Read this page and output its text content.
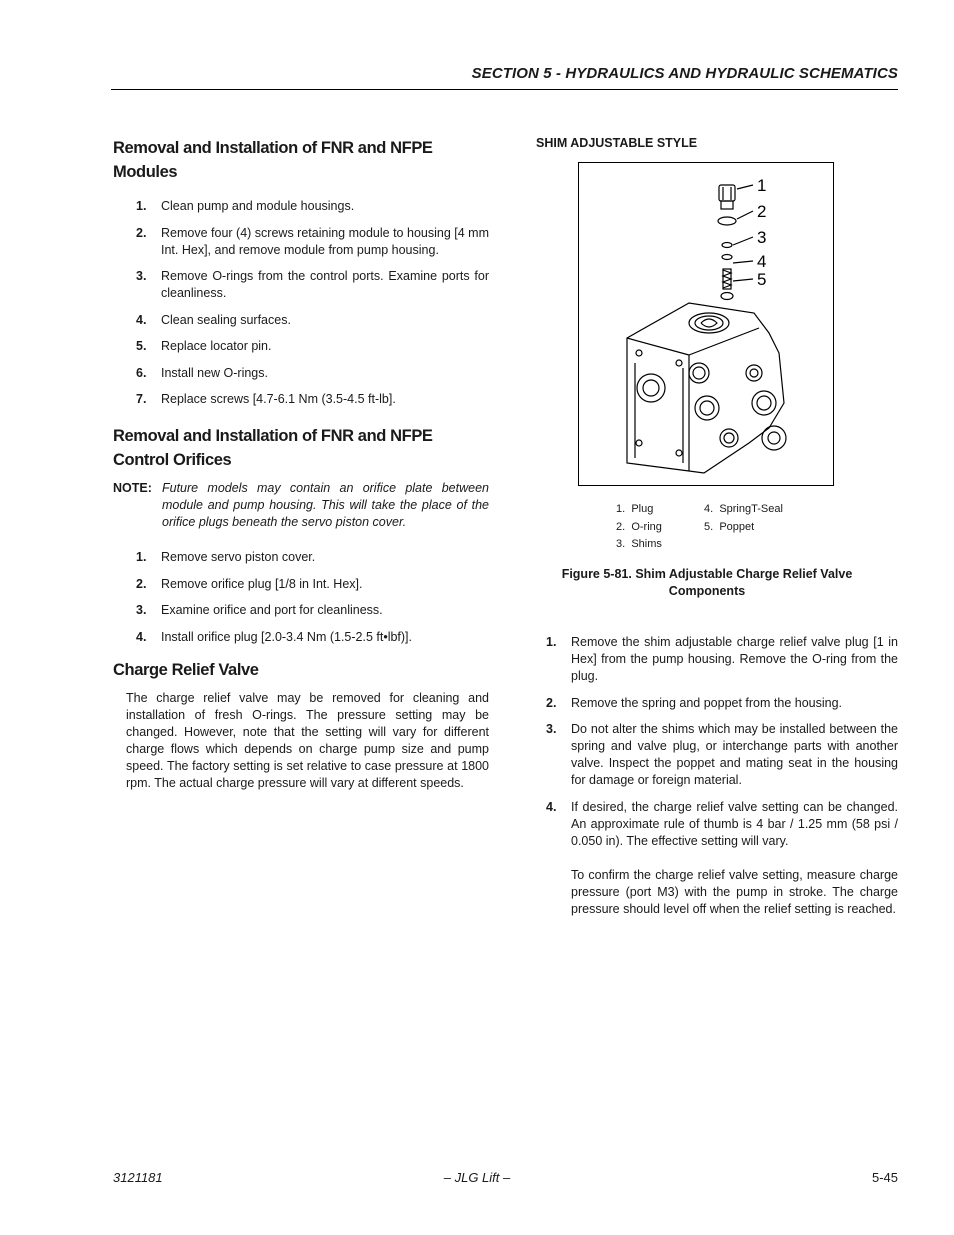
SECTION 5 - HYDRAULICS AND HYDRAULIC SCHEMATICS
Removal and Installation of FNR and NFPE Modules
1. Clean pump and module housings.
2. Remove four (4) screws retaining module to housing [4 mm Int. Hex], and remove module from pump housing.
3. Remove O-rings from the control ports. Examine ports for cleanliness.
4. Clean sealing surfaces.
5. Replace locator pin.
6. Install new O-rings.
7. Replace screws [4.7-6.1 Nm (3.5-4.5 ft-lb].
Removal and Installation of FNR and NFPE Control Orifices
NOTE: Future models may contain an orifice plate between module and pump housing. This will take the place of the orifice plugs beneath the servo piston cover.
1. Remove servo piston cover.
2. Remove orifice plug [1/8 in Int. Hex].
3. Examine orifice and port for cleanliness.
4. Install orifice plug [2.0-3.4 Nm (1.5-2.5 ft•lbf)].
Charge Relief Valve

The charge relief valve may be removed for cleaning and installation of fresh O-rings. The pressure setting may be changed. However, note that the setting will vary for different charge flows which depends on charge pump size and pump speed. The factory setting is set relative to case pressure at 1800 rpm. The actual charge pressure will vary at different speeds.

SHIM ADJUSTABLE STYLE
1
2
3
4
5
1. Plug
2. O-ring
3. Shims
4. SpringT-Seal
5. Poppet
Figure 5-81. Shim Adjustable Charge Relief Valve
Components
1. Remove the shim adjustable charge relief valve plug [1 in Hex] from the pump housing. Remove the O-ring from the plug.
2. Remove the spring and poppet from the housing.
3. Do not alter the shims which may be installed between the spring and valve plug, or interchange parts with another valve. Inspect the poppet and mating seat in the housing for damage or foreign material.
4. If desired, the charge relief valve setting can be changed. An approximate rule of thumb is 4 bar / 1.25 mm (58 psi / 0.050 in). The effective setting will vary.
To confirm the charge relief valve setting, measure charge pressure (port M3) with the pump in stroke. The charge pressure should level off when the relief setting is reached.
3121181	– JLG Lift –	5-45
